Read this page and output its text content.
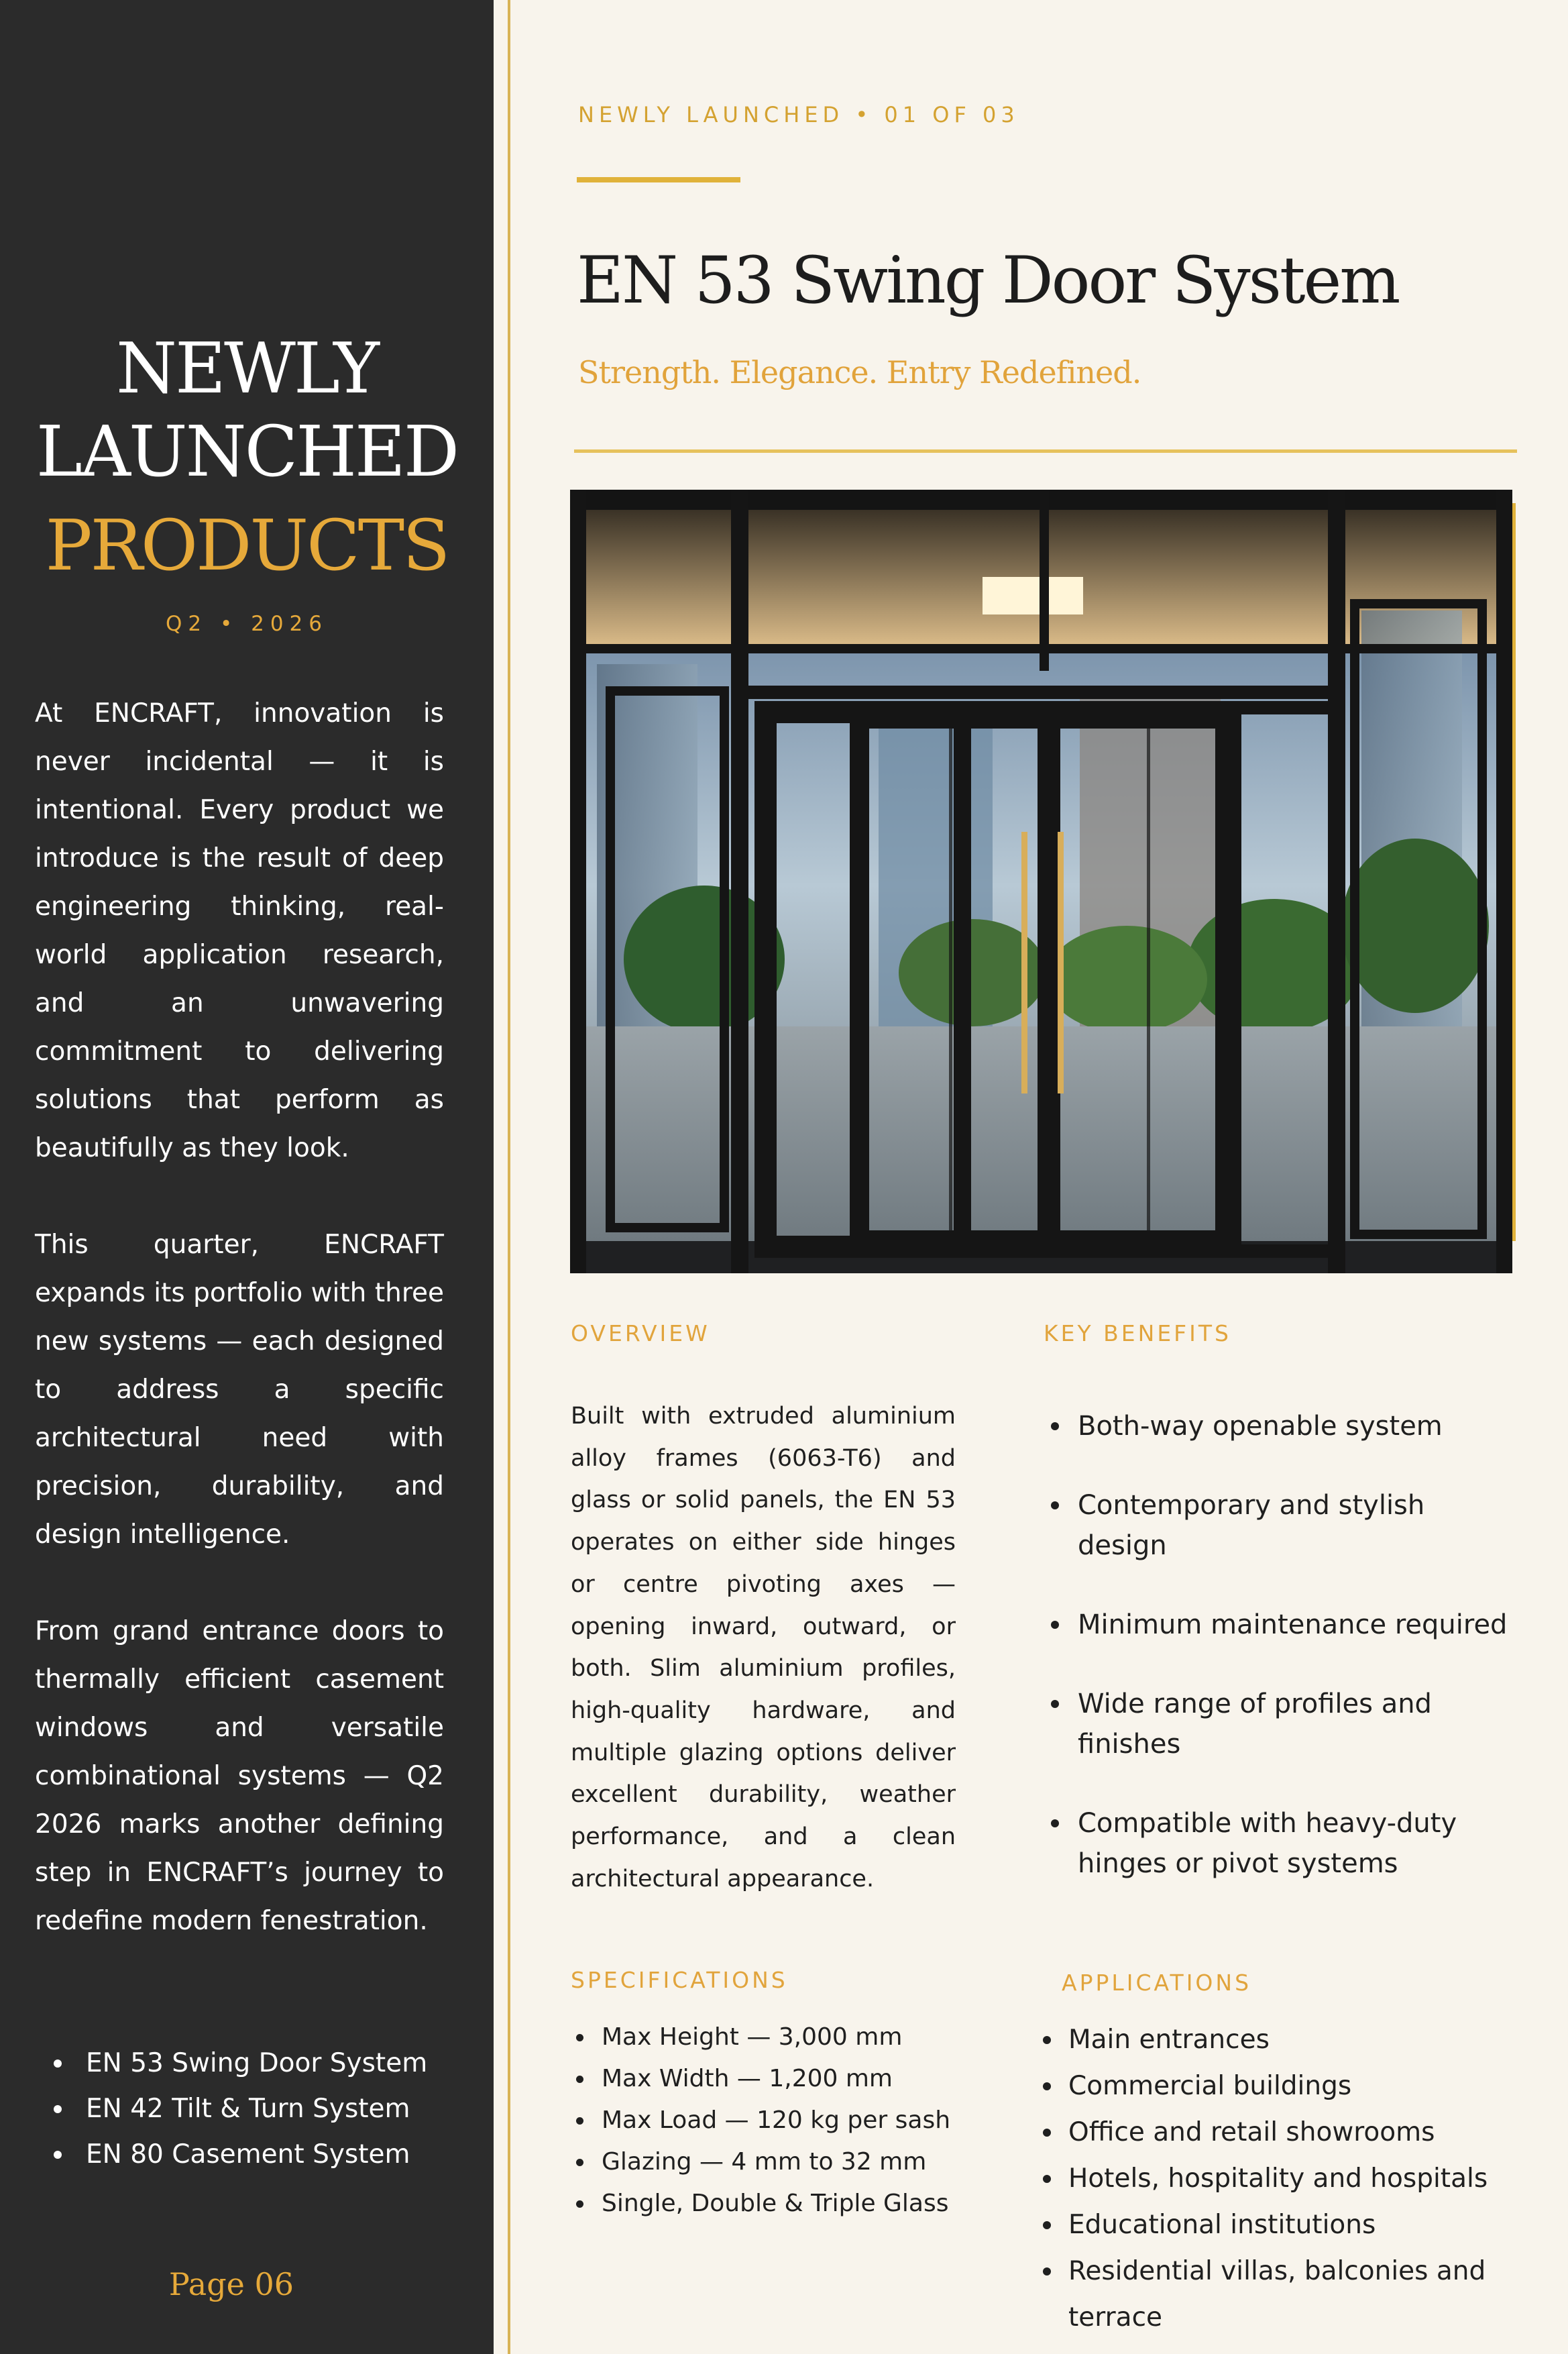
NEWLY
LAUNCHED
PRODUCTS
Q2 • 2026

At ENCRAFT, innovation is never incidental — it is intentional. Every product we introduce is the result of deep engineering thinking, real-world application research, and an unwavering commitment to delivering solutions that perform as beautifully as they look.

This quarter, ENCRAFT expands its portfolio with three new systems — each designed to address a specific architectural need with precision, durability, and design intelligence.

From grand entrance doors to thermally efficient casement windows and versatile combinational systems — Q2 2026 marks another defining step in ENCRAFT’s journey to redefine modern fenestration.

EN 53 Swing Door System
EN 42 Tilt & Turn System
EN 80 Casement System
Page 06
NEWLY LAUNCHED • 01 OF 03
EN 53 Swing Door System
Strength. Elegance. Entry Redefined.
OVERVIEW

Built with extruded aluminium alloy frames (6063-T6) and glass or solid panels, the EN 53 operates on either side hinges or centre pivoting axes — opening inward, outward, or both. Slim aluminium profiles, high-quality hardware, and multiple glazing options deliver excellent durability, weather performance, and a clean architectural appearance.

KEY BENEFITS
Both-way openable system
Contemporary and stylish design
Minimum maintenance required
Wide range of profiles and finishes
Compatible with heavy-duty hinges or pivot systems
SPECIFICATIONS
Max Height — 3,000 mm
Max Width — 1,200 mm
Max Load — 120 kg per sash
Glazing — 4 mm to 32 mm
Single, Double & Triple Glass
APPLICATIONS
Main entrances
Commercial buildings
Office and retail showrooms
Hotels, hospitality and hospitals
Educational institutions
Residential villas, balconies and terrace
